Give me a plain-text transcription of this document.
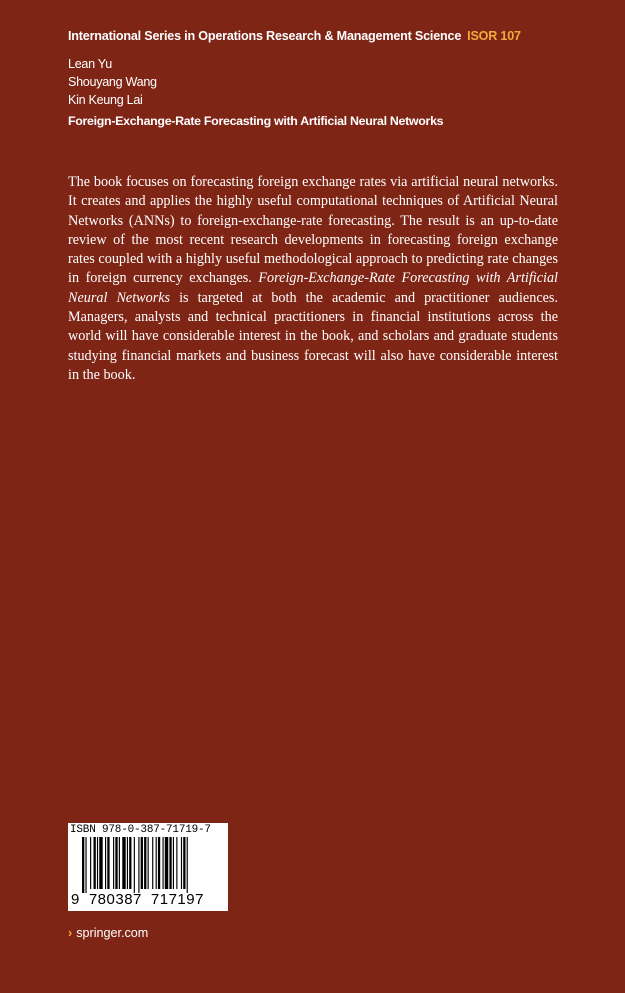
International Series in Operations Research & Management Science ISOR 107
Lean Yu
Shouyang Wang
Kin Keung Lai
Foreign-Exchange-Rate Forecasting with Artificial Neural Networks

The book focuses on forecasting foreign exchange rates via artificial neural networks. It creates and applies the highly useful computational techniques of Artificial Neural Networks (ANNs) to foreign-exchange-rate forecasting. The result is an up-to-date review of the most recent research developments in forecasting foreign exchange rates coupled with a highly useful methodological approach to predicting rate changes in foreign currency exchanges. Foreign-Exchange-Rate Forecasting with Artificial Neural Networks is targeted at both the academic and practitioner audiences. Managers, analysts and technical practitioners in financial institutions across the world will have considerable interest in the book, and scholars and graduate students studying financial markets and business forecast will also have considerable interest in the book.

ISBN 978-0-387-71719-7
9 780387 717197
› springer.com
